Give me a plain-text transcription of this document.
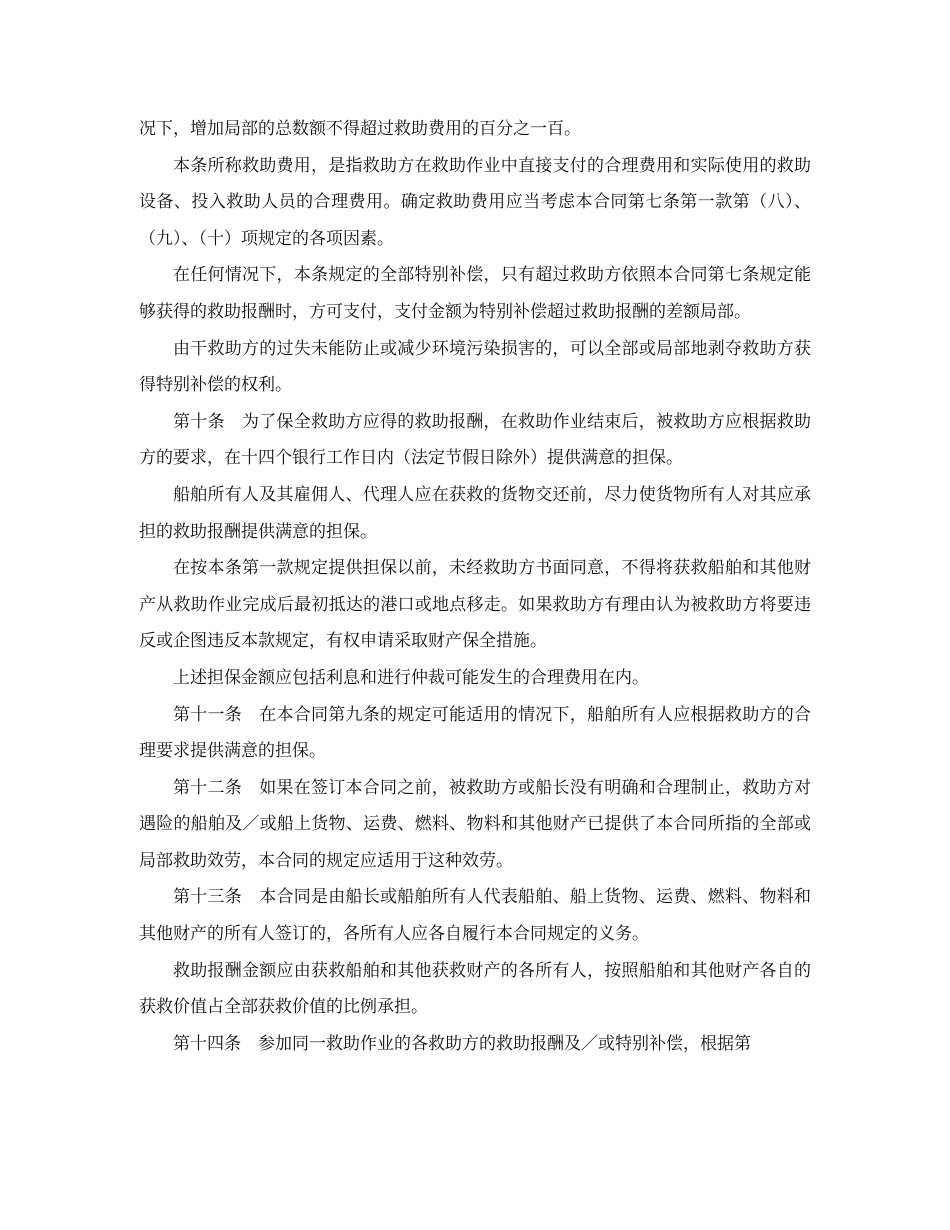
况下，增加局部的总数额不得超过救助费用的百分之一百。

本条所称救助费用，是指救助方在救助作业中直接支付的合理费用和实际使用的救助设备、投入救助人员的合理费用。确定救助费用应当考虑本合同第七条第一款第（八）、（九）、（十）项规定的各项因素。

在任何情况下，本条规定的全部特别补偿，只有超过救助方依照本合同第七条规定能够获得的救助报酬时，方可支付，支付金额为特别补偿超过救助报酬的差额局部。

由干救助方的过失未能防止或减少环境污染损害的，可以全部或局部地剥夺救助方获得特别补偿的权利。

第十条　为了保全救助方应得的救助报酬，在救助作业结束后，被救助方应根据救助方的要求，在十四个银行工作日内（法定节假日除外）提供满意的担保。

船舶所有人及其雇佣人、代理人应在获救的货物交还前，尽力使货物所有人对其应承担的救助报酬提供满意的担保。

在按本条第一款规定提供担保以前，未经救助方书面同意，不得将获救船舶和其他财产从救助作业完成后最初抵达的港口或地点移走。如果救助方有理由认为被救助方将要违反或企图违反本款规定，有权申请采取财产保全措施。

上述担保金额应包括利息和进行仲裁可能发生的合理费用在内。

第十一条　在本合同第九条的规定可能适用的情况下，船舶所有人应根据救助方的合理要求提供满意的担保。

第十二条　如果在签订本合同之前，被救助方或船长没有明确和合理制止，救助方对遇险的船舶及／或船上货物、运费、燃料、物料和其他财产已提供了本合同所指的全部或局部救助效劳，本合同的规定应适用于这种效劳。

第十三条　本合同是由船长或船舶所有人代表船舶、船上货物、运费、燃料、物料和其他财产的所有人签订的，各所有人应各自履行本合同规定的义务。

救助报酬金额应由获救船舶和其他获救财产的各所有人，按照船舶和其他财产各自的获救价值占全部获救价值的比例承担。

第十四条　参加同一救助作业的各救助方的救助报酬及／或特别补偿，根据第
